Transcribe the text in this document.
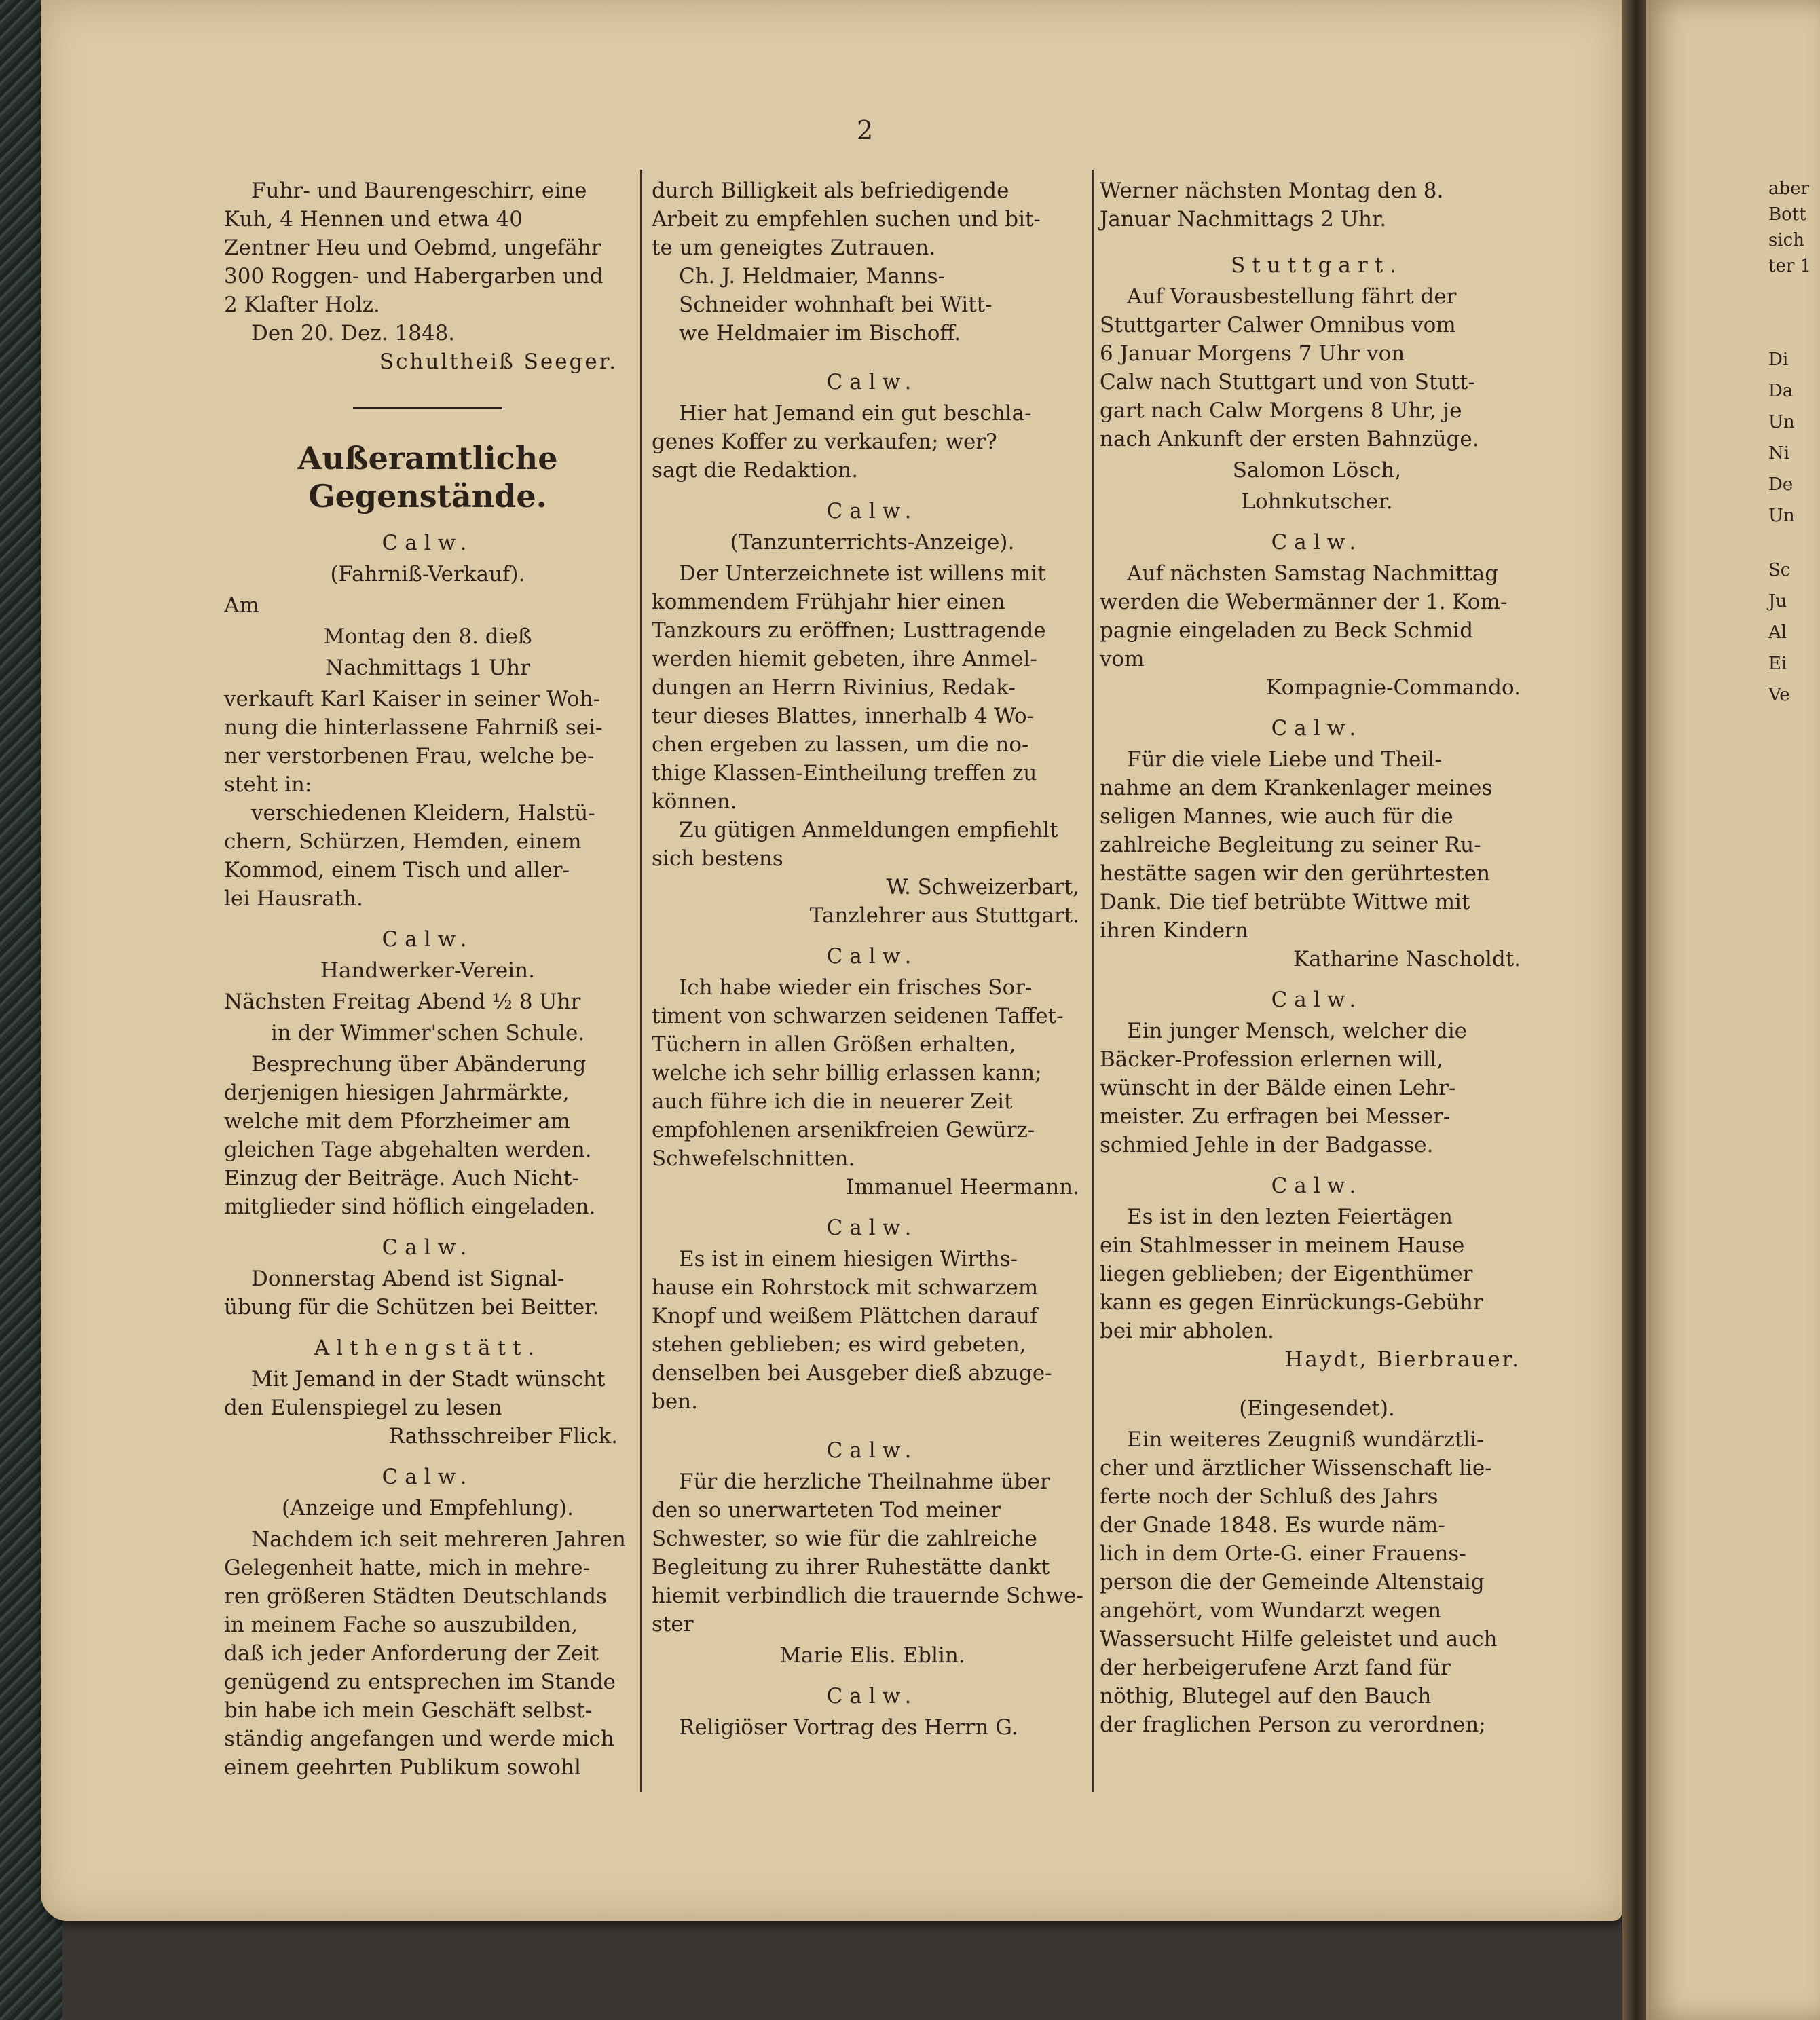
aber
Bott
sich
ter 1
Di
Da
Un
Ni
De
Un
Sc
Ju
Al
Ei
Ve
2

Fuhr- und Baurengeschirr, eine

Kuh, 4 Hennen und etwa 40

Zentner Heu und Oebmd, ungefähr

300 Roggen- und Habergarben und

2 Klafter Holz.

Den 20. Dez. 1848.

Schultheiß Seeger.

Außeramtliche Gegenstände.
Calw.
(Fahrniß-Verkauf).

Am

Montag den 8. dieß

Nachmittags 1 Uhr

verkauft Karl Kaiser in seiner Woh-

nung die hinterlassene Fahrniß sei-

ner verstorbenen Frau, welche be-

steht in:

verschiedenen Kleidern, Halstü-

chern, Schürzen, Hemden, einem

Kommod, einem Tisch und aller-

lei Hausrath.

Calw.
Handwerker-Verein.

Nächsten Freitag Abend ½ 8 Uhr

in der Wimmer'schen Schule.

Besprechung über Abänderung

derjenigen hiesigen Jahrmärkte,

welche mit dem Pforzheimer am

gleichen Tage abgehalten werden.

Einzug der Beiträge. Auch Nicht-

mitglieder sind höflich eingeladen.

Calw.

Donnerstag Abend ist Signal-

übung für die Schützen bei Beitter.

Althengstätt.

Mit Jemand in der Stadt wünscht

den Eulenspiegel zu lesen

Rathsschreiber Flick.

Calw.
(Anzeige und Empfehlung).

Nachdem ich seit mehreren Jahren

Gelegenheit hatte, mich in mehre-

ren größeren Städten Deutschlands

in meinem Fache so auszubilden,

daß ich jeder Anforderung der Zeit

genügend zu entsprechen im Stande

bin habe ich mein Geschäft selbst-

ständig angefangen und werde mich

einem geehrten Publikum sowohl

durch Billigkeit als befriedigende

Arbeit zu empfehlen suchen und bit-

te um geneigtes Zutrauen.

Ch. J. Heldmaier, Manns-

Schneider wohnhaft bei Witt-

we Heldmaier im Bischoff.

Calw.

Hier hat Jemand ein gut beschla-

genes Koffer zu verkaufen; wer?

sagt die Redaktion.

Calw.
(Tanzunterrichts-Anzeige).

Der Unterzeichnete ist willens mit

kommendem Frühjahr hier einen

Tanzkours zu eröffnen; Lusttragende

werden hiemit gebeten, ihre Anmel-

dungen an Herrn Rivinius, Redak-

teur dieses Blattes, innerhalb 4 Wo-

chen ergeben zu lassen, um die no-

thige Klassen-Eintheilung treffen zu

können.

Zu gütigen Anmeldungen empfiehlt

sich bestens

W. Schweizerbart,

Tanzlehrer aus Stuttgart.

Calw.

Ich habe wieder ein frisches Sor-

timent von schwarzen seidenen Taffet-

Tüchern in allen Größen erhalten,

welche ich sehr billig erlassen kann;

auch führe ich die in neuerer Zeit

empfohlenen arsenikfreien Gewürz-

Schwefelschnitten.

Immanuel Heermann.

Calw.

Es ist in einem hiesigen Wirths-

hause ein Rohrstock mit schwarzem

Knopf und weißem Plättchen darauf

stehen geblieben; es wird gebeten,

denselben bei Ausgeber dieß abzuge-

ben.

Calw.

Für die herzliche Theilnahme über

den so unerwarteten Tod meiner

Schwester, so wie für die zahlreiche

Begleitung zu ihrer Ruhestätte dankt

hiemit verbindlich die trauernde Schwe-

ster

Marie Elis. Eblin.

Calw.

Religiöser Vortrag des Herrn G.

Werner nächsten Montag den 8.

Januar Nachmittags 2 Uhr.

Stuttgart.

Auf Vorausbestellung fährt der

Stuttgarter Calwer Omnibus vom

6 Januar Morgens 7 Uhr von

Calw nach Stuttgart und von Stutt-

gart nach Calw Morgens 8 Uhr, je

nach Ankunft der ersten Bahnzüge.

Salomon Lösch,

Lohnkutscher.

Calw.

Auf nächsten Samstag Nachmittag

werden die Webermänner der 1. Kom-

pagnie eingeladen zu Beck Schmid

vom

Kompagnie-Commando.

Calw.

Für die viele Liebe und Theil-

nahme an dem Krankenlager meines

seligen Mannes, wie auch für die

zahlreiche Begleitung zu seiner Ru-

hestätte sagen wir den gerührtesten

Dank. Die tief betrübte Wittwe mit

ihren Kindern

Katharine Nascholdt.

Calw.

Ein junger Mensch, welcher die

Bäcker-Profession erlernen will,

wünscht in der Bälde einen Lehr-

meister. Zu erfragen bei Messer-

schmied Jehle in der Badgasse.

Calw.

Es ist in den lezten Feiertägen

ein Stahlmesser in meinem Hause

liegen geblieben; der Eigenthümer

kann es gegen Einrückungs-Gebühr

bei mir abholen.

Haydt, Bierbrauer.

(Eingesendet).

Ein weiteres Zeugniß wundärztli-

cher und ärztlicher Wissenschaft lie-

ferte noch der Schluß des Jahrs

der Gnade 1848. Es wurde näm-

lich in dem Orte-G. einer Frauens-

person die der Gemeinde Altenstaig

angehört, vom Wundarzt wegen

Wassersucht Hilfe geleistet und auch

der herbeigerufene Arzt fand für

nöthig, Blutegel auf den Bauch

der fraglichen Person zu verordnen;
